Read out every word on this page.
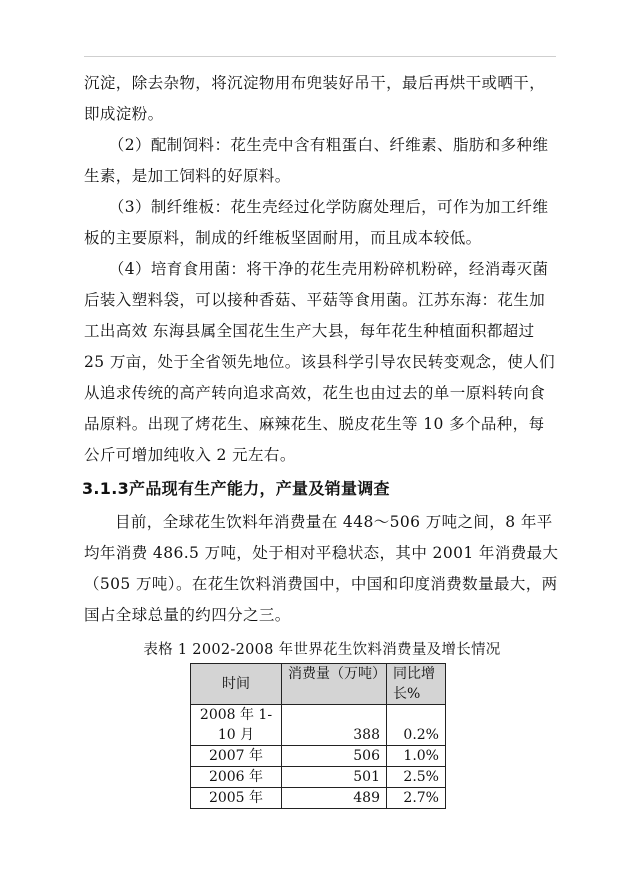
沉淀，除去杂物，将沉淀物用布兜装好吊干，最后再烘干或晒干，即成淀粉。

（2）配制饲料：花生壳中含有粗蛋白、纤维素、脂肪和多种维生素，是加工饲料的好原料。

（3）制纤维板：花生壳经过化学防腐处理后，可作为加工纤维板的主要原料，制成的纤维板坚固耐用，而且成本较低。

（4）培育食用菌：将干净的花生壳用粉碎机粉碎，经消毒灭菌后装入塑料袋，可以接种香菇、平菇等食用菌。江苏东海：花生加工出高效 东海县属全国花生生产大县，每年花生种植面积都超过 25 万亩，处于全省领先地位。该县科学引导农民转变观念，使人们从追求传统的高产转向追求高效，花生也由过去的单一原料转向食品原料。出现了烤花生、麻辣花生、脱皮花生等 10 多个品种，每公斤可增加纯收入 2 元左右。

3.1.3产品现有生产能力，产量及销量调查

目前，全球花生饮料年消费量在 448～506 万吨之间，8 年平均年消费 486.5 万吨，处于相对平稳状态，其中 2001 年消费最大（505 万吨）。在花生饮料消费国中，中国和印度消费数量最大，两国占全球总量的约四分之三。

表格 1 2002-2008 年世界花生饮料消费量及增长情况
时间	消费量（万吨）	同比增长%
2008 年 1-10 月	388	0.2%
2007 年	506	1.0%
2006 年	501	2.5%
2005 年	489	2.7%
